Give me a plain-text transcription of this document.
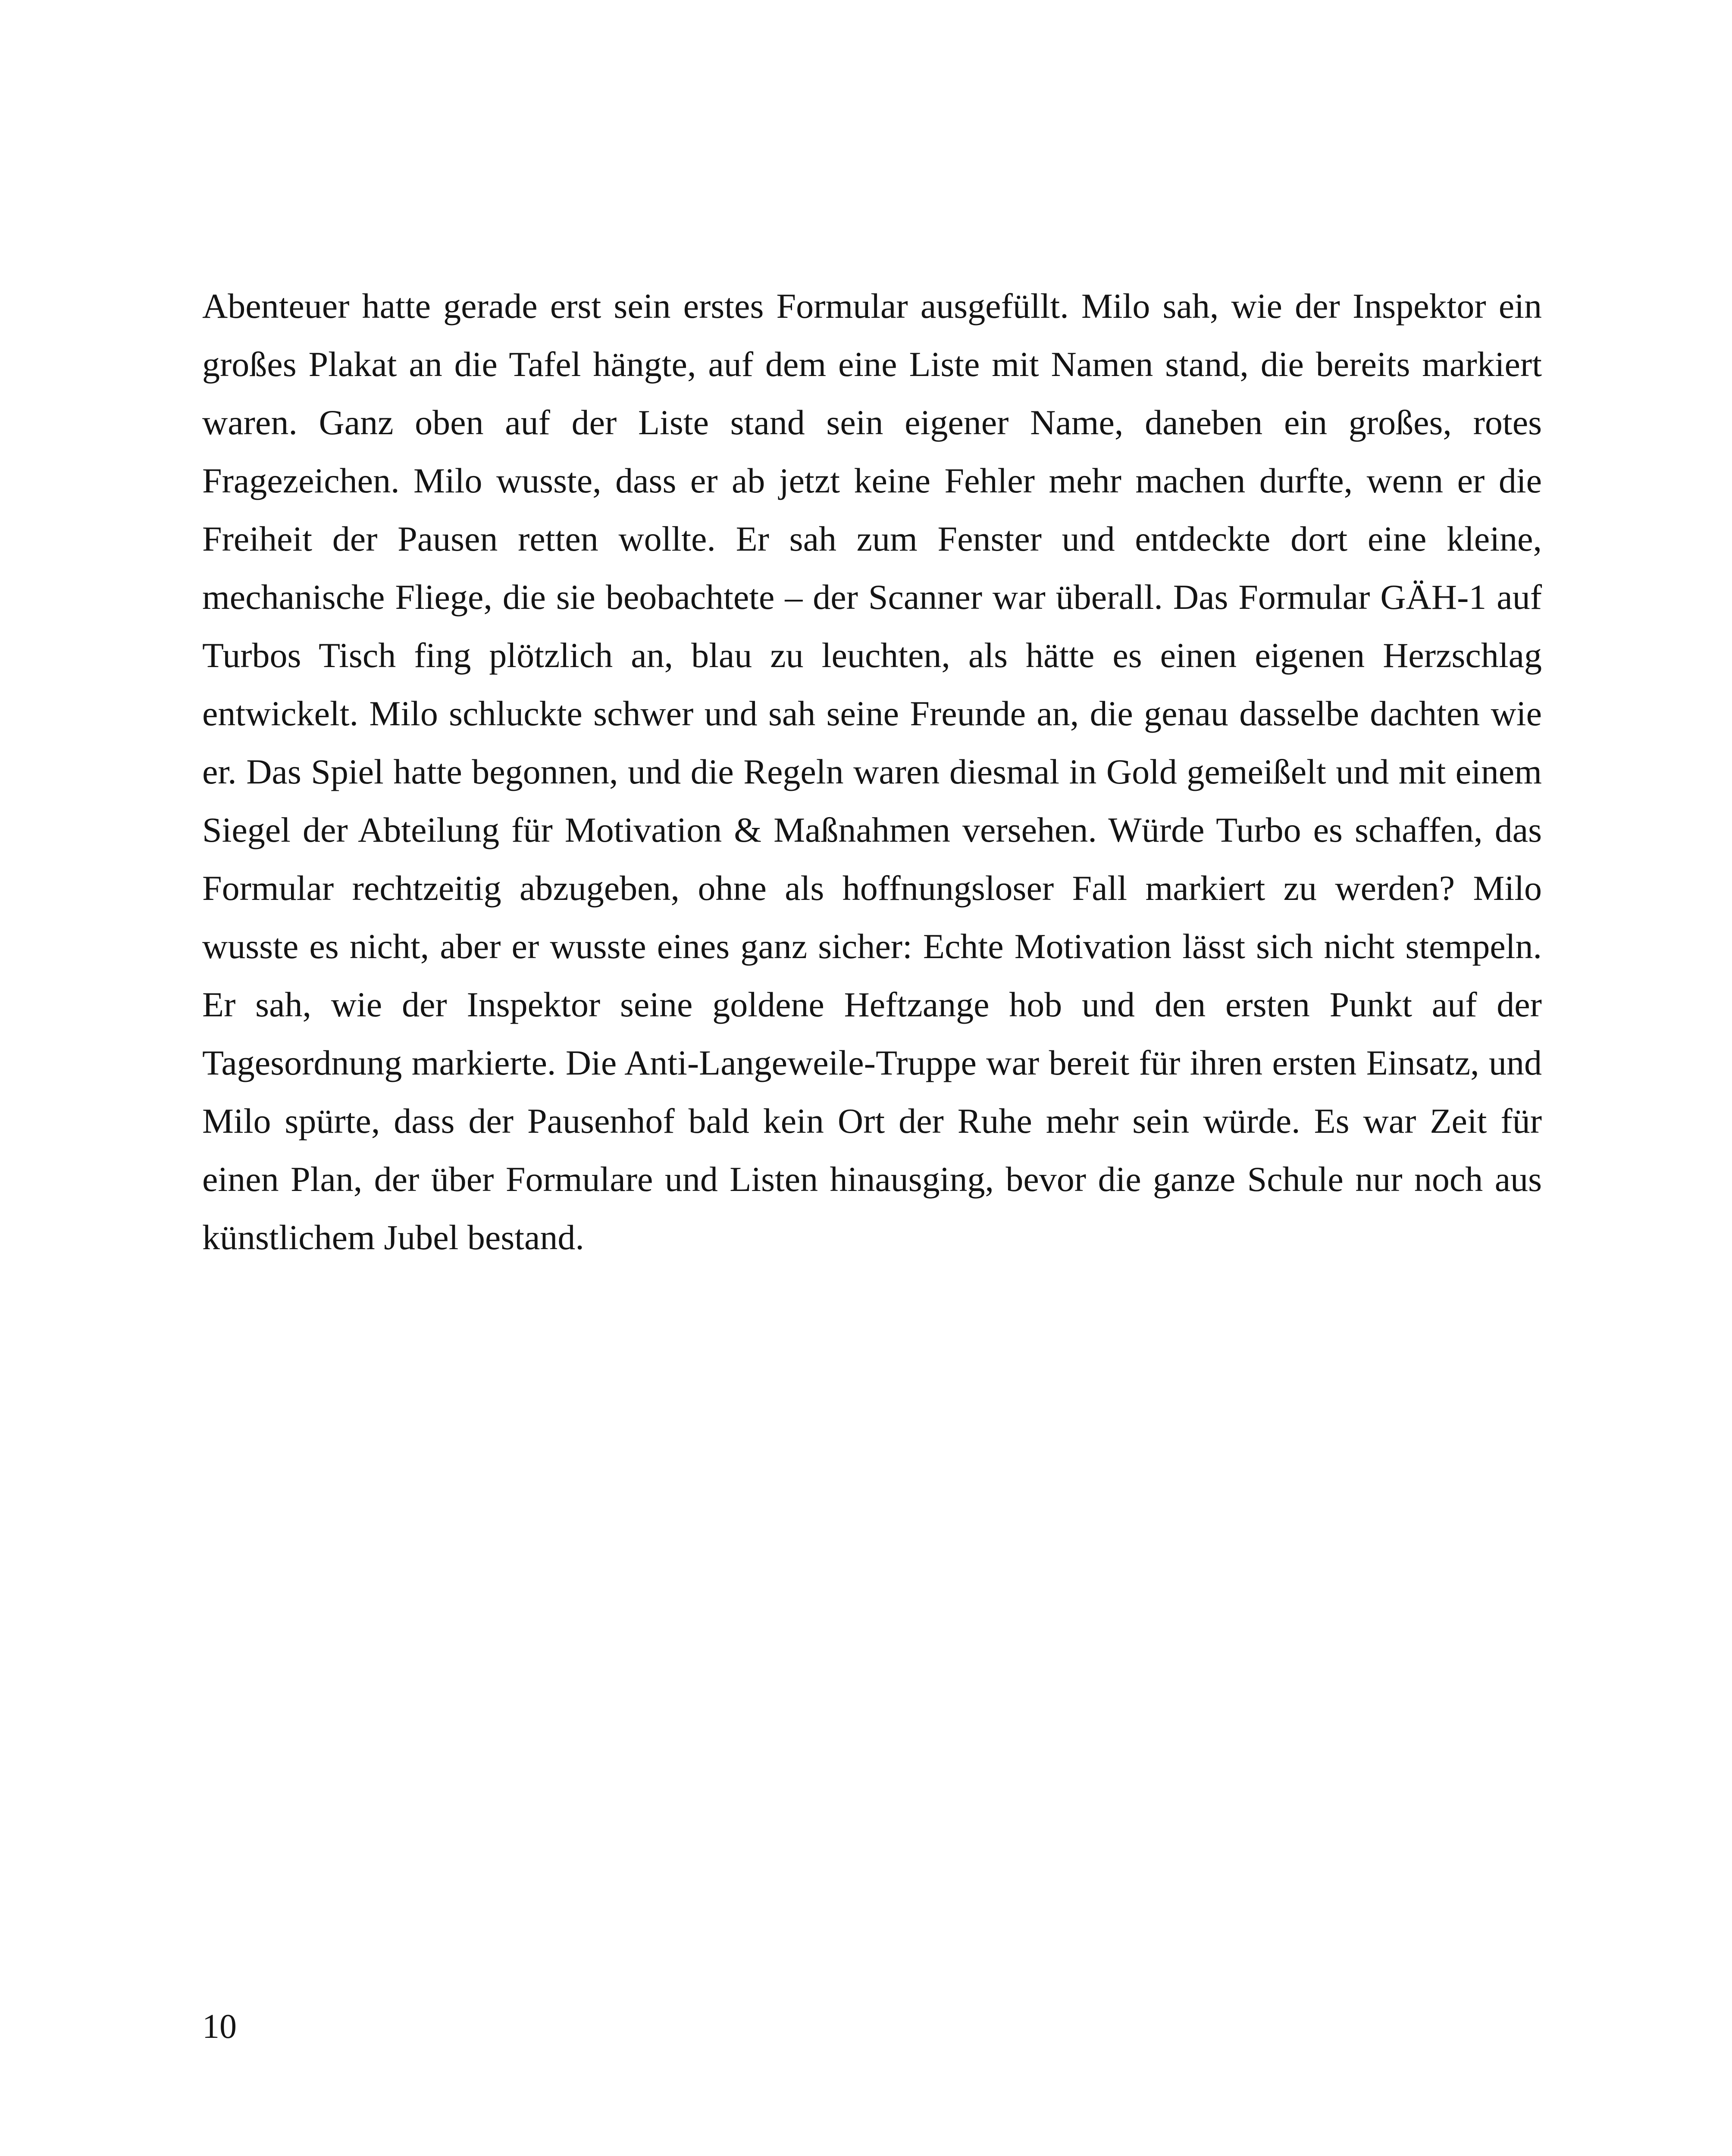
Abenteuer hatte gerade erst sein erstes Formular ausgefüllt. Milo sah, wie der Inspektor ein großes Plakat an die Tafel hängte, auf dem eine Liste mit Namen stand, die bereits markiert waren. Ganz oben auf der Liste stand sein eigener Name, daneben ein großes, rotes Fragezeichen. Milo wusste, dass er ab jetzt keine Fehler mehr machen durfte, wenn er die Freiheit der Pausen retten wollte. Er sah zum Fenster und entdeckte dort eine kleine, mechanische Fliege, die sie beobachtete – der Scanner war überall. Das Formular GÄH-1 auf Turbos Tisch fing plötzlich an, blau zu leuchten, als hätte es einen eigenen Herzschlag entwickelt. Milo schluckte schwer und sah seine Freunde an, die genau dasselbe dachten wie er. Das Spiel hatte begonnen, und die Regeln waren diesmal in Gold gemeißelt und mit einem Siegel der Abteilung für Motivation & Maßnahmen versehen. Würde Turbo es schaffen, das Formular rechtzeitig abzugeben, ohne als hoffnungsloser Fall markiert zu werden? Milo wusste es nicht, aber er wusste eines ganz sicher: Echte Motivation lässt sich nicht stempeln. Er sah, wie der Inspektor seine goldene Heftzange hob und den ersten Punkt auf der Tagesordnung markierte. Die Anti-Langeweile-Truppe war bereit für ihren ersten Einsatz, und Milo spürte, dass der Pausenhof bald kein Ort der Ruhe mehr sein würde. Es war Zeit für einen Plan, der über Formulare und Listen hinausging, bevor die ganze Schule nur noch aus künstlichem Jubel bestand.

10
